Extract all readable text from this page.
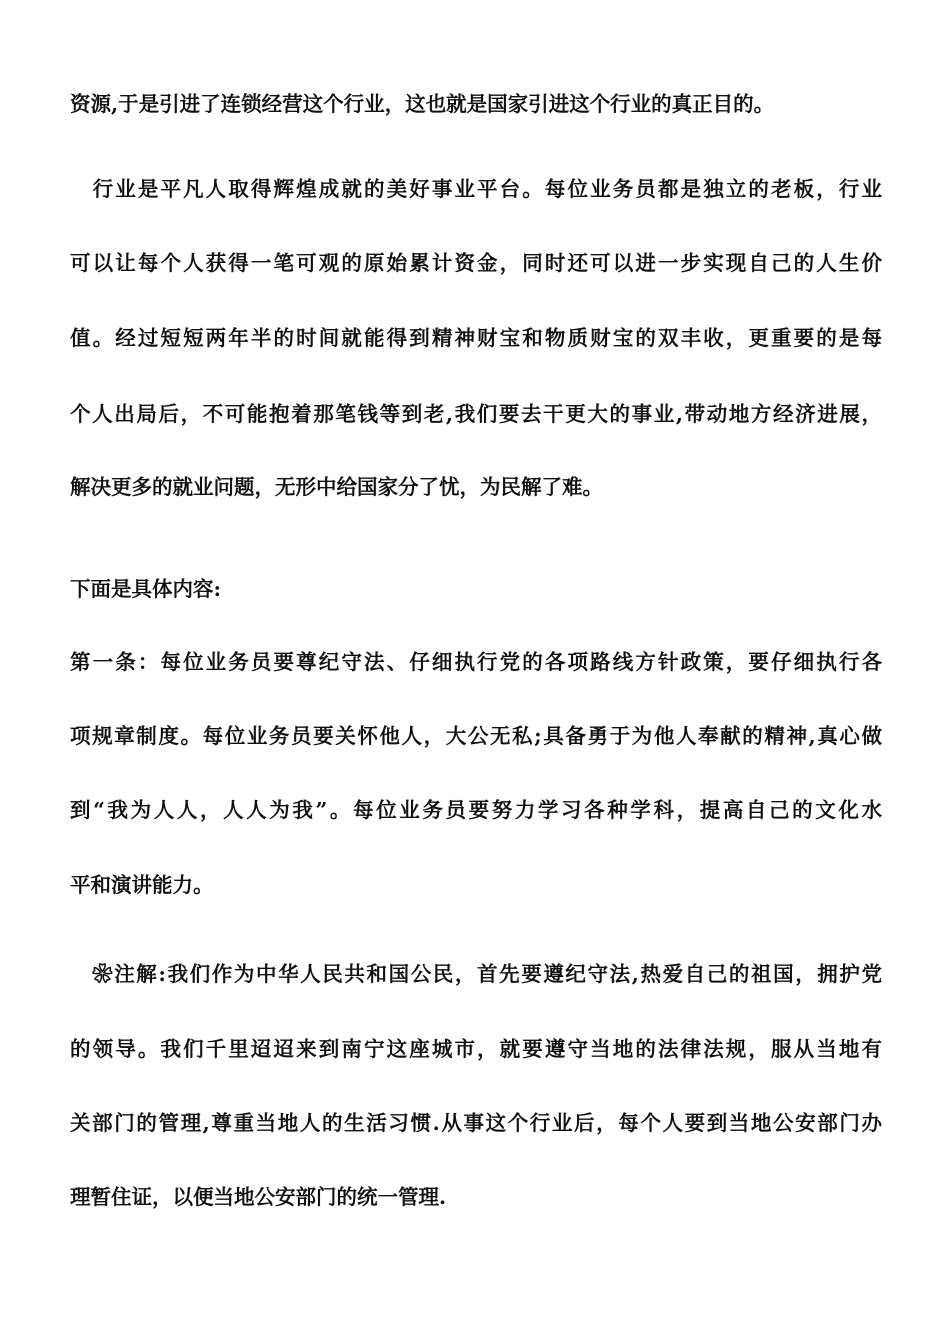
资源,于是引进了连锁经营这个行业，这也就是国家引进这个行业的真正目的。
　行业是平凡人取得辉煌成就的美好事业平台。每位业务员都是独立的老板，行业
可以让每个人获得一笔可观的原始累计资金，同时还可以进一步实现自己的人生价
值。经过短短两年半的时间就能得到精神财宝和物质财宝的双丰收，更重要的是每
个人出局后，不可能抱着那笔钱等到老,我们要去干更大的事业,带动地方经济进展，
解决更多的就业问题，无形中给国家分了忧，为民解了难。
下面是具体内容:
第一条：每位业务员要尊纪守法、仔细执行党的各项路线方针政策，要仔细执行各
项规章制度。每位业务员要关怀他人，大公无私;具备勇于为他人奉献的精神,真心做
到“我为人人，人人为我”。每位业务员要努力学习各种学科，提高自己的文化水
平和演讲能力。
　❀注解:我们作为中华人民共和国公民，首先要遵纪守法,热爱自己的祖国，拥护党
的领导。我们千里迢迢来到南宁这座城市，就要遵守当地的法律法规，服从当地有
关部门的管理,尊重当地人的生活习惯.从事这个行业后，每个人要到当地公安部门办
理暂住证，以便当地公安部门的统一管理.
